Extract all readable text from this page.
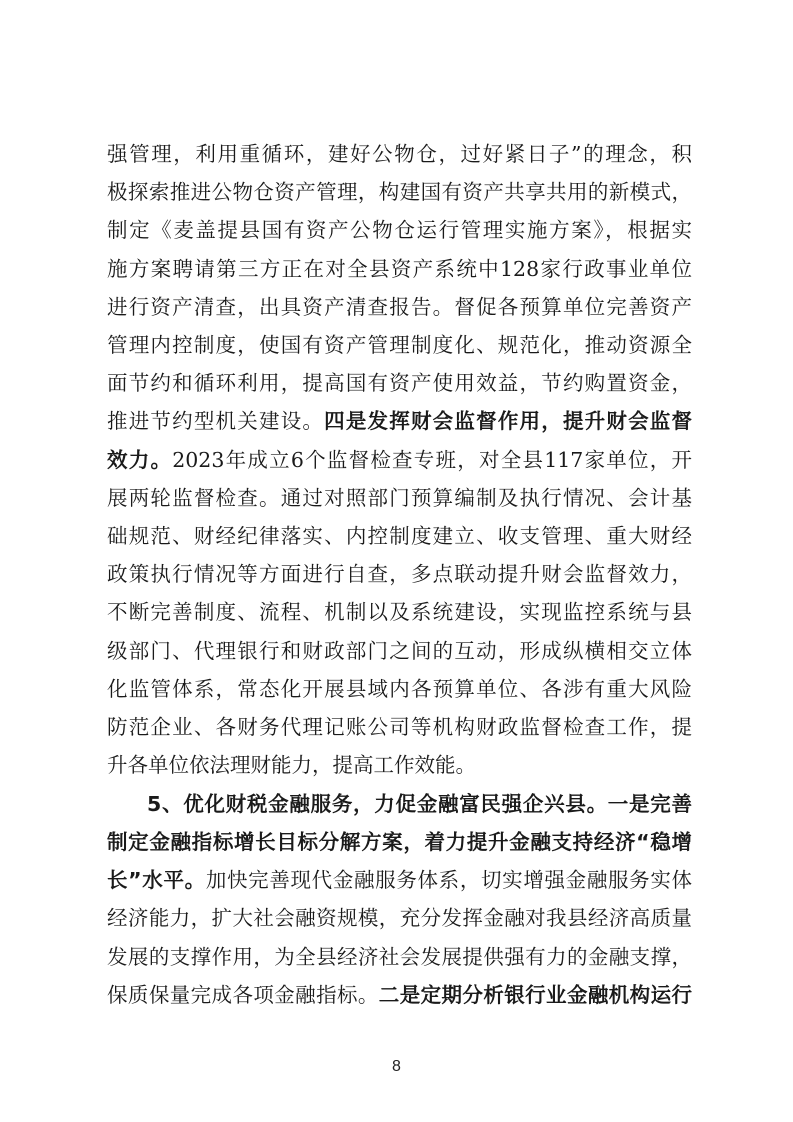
强管理，利用重循环，建好公物仓，过好紧日子”的理念，积
极探索推进公物仓资产管理，构建国有资产共享共用的新模式，
制定《麦盖提县国有资产公物仓运行管理实施方案》，根据实
施方案聘请第三方正在对全县资产系统中128家行政事业单位
进行资产清查，出具资产清查报告。督促各预算单位完善资产
管理内控制度，使国有资产管理制度化、规范化，推动资源全
面节约和循环利用，提高国有资产使用效益，节约购置资金，
推进节约型机关建设。四是发挥财会监督作用，提升财会监督
效力。2023年成立6个监督检查专班，对全县117家单位，开
展两轮监督检查。通过对照部门预算编制及执行情况、会计基
础规范、财经纪律落实、内控制度建立、收支管理、重大财经
政策执行情况等方面进行自查，多点联动提升财会监督效力，
不断完善制度、流程、机制以及系统建设，实现监控系统与县
级部门、代理银行和财政部门之间的互动，形成纵横相交立体
化监管体系，常态化开展县域内各预算单位、各涉有重大风险
防范企业、各财务代理记账公司等机构财政监督检查工作，提
升各单位依法理财能力，提高工作效能。
5、优化财税金融服务，力促金融富民强企兴县。一是完善
制定金融指标增长目标分解方案，着力提升金融支持经济“稳增
长”水平。加快完善现代金融服务体系，切实增强金融服务实体
经济能力，扩大社会融资规模，充分发挥金融对我县经济高质量
发展的支撑作用，为全县经济社会发展提供强有力的金融支撑，
保质保量完成各项金融指标。二是定期分析银行业金融机构运行
8
